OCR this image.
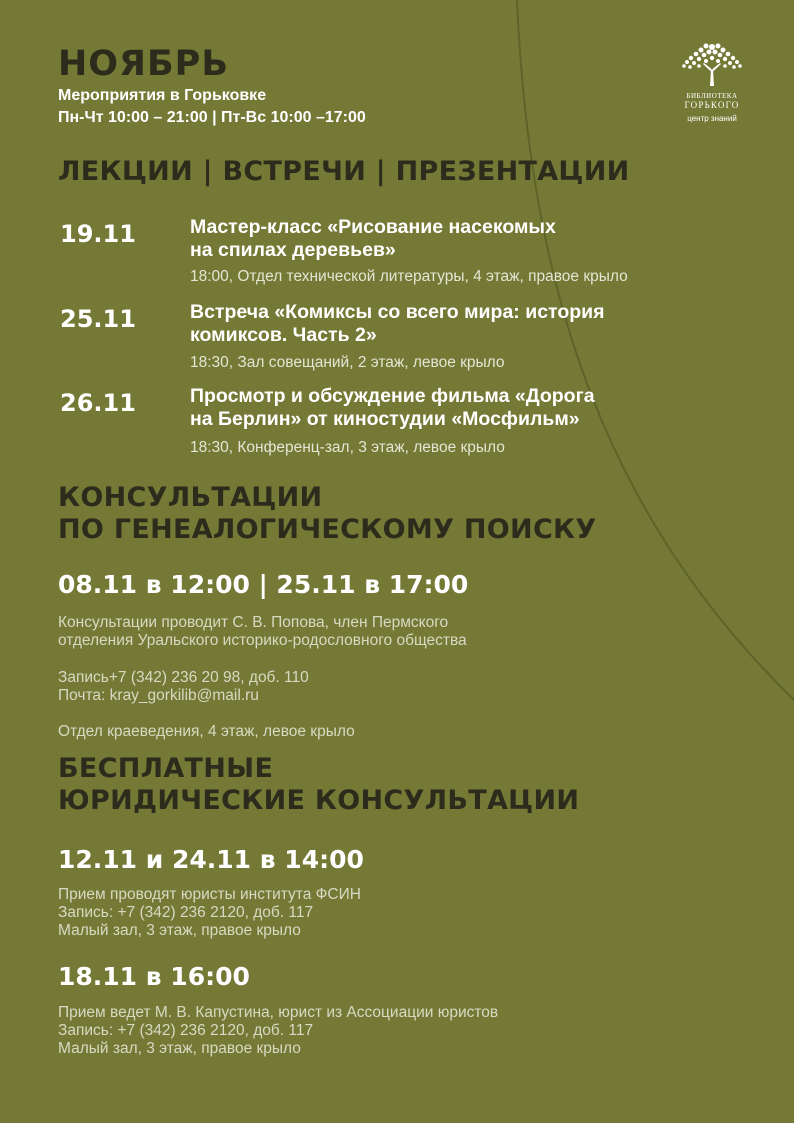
НОЯБРЬ
Мероприятия в Горьковке
Пн-Чт 10:00 – 21:00 | Пт-Вс 10:00 –17:00
БИБЛИОТЕКА
ГОРЬКОГО
центр знаний
ЛЕКЦИИ | ВСТРЕЧИ | ПРЕЗЕНТАЦИИ
19.11	Мастер-класс «Рисование насекомых
на спилах деревьев»
18:00, Отдел технической литературы, 4 этаж, правое крыло
25.11	Встреча «Комиксы со всего мира: история
комиксов. Часть 2»
18:30, Зал совещаний, 2 этаж, левое крыло
26.11	Просмотр и обсуждение фильма «Дорога
на Берлин» от киностудии «Мосфильм»
18:30, Конференц-зал, 3 этаж, левое крыло
КОНСУЛЬТАЦИИ
ПО ГЕНЕАЛОГИЧЕСКОМУ ПОИСКУ
08.11 в 12:00 | 25.11 в 17:00
Консультации проводит С. В. Попова, член Пермского
отделения Уральского историко-родословного общества
Запись+7 (342) 236 20 98, доб. 110
Почта: kray_gorkilib@mail.ru
Отдел краеведения, 4 этаж, левое крыло
БЕСПЛАТНЫЕ
ЮРИДИЧЕСКИЕ КОНСУЛЬТАЦИИ
12.11 и 24.11 в 14:00
Прием проводят юристы института ФСИН
Запись: +7 (342) 236 2120, доб. 117
Малый зал, 3 этаж, правое крыло
18.11 в 16:00
Прием ведет М. В. Капустина, юрист из Ассоциации юристов
Запись: +7 (342) 236 2120, доб. 117
Малый зал, 3 этаж, правое крыло
